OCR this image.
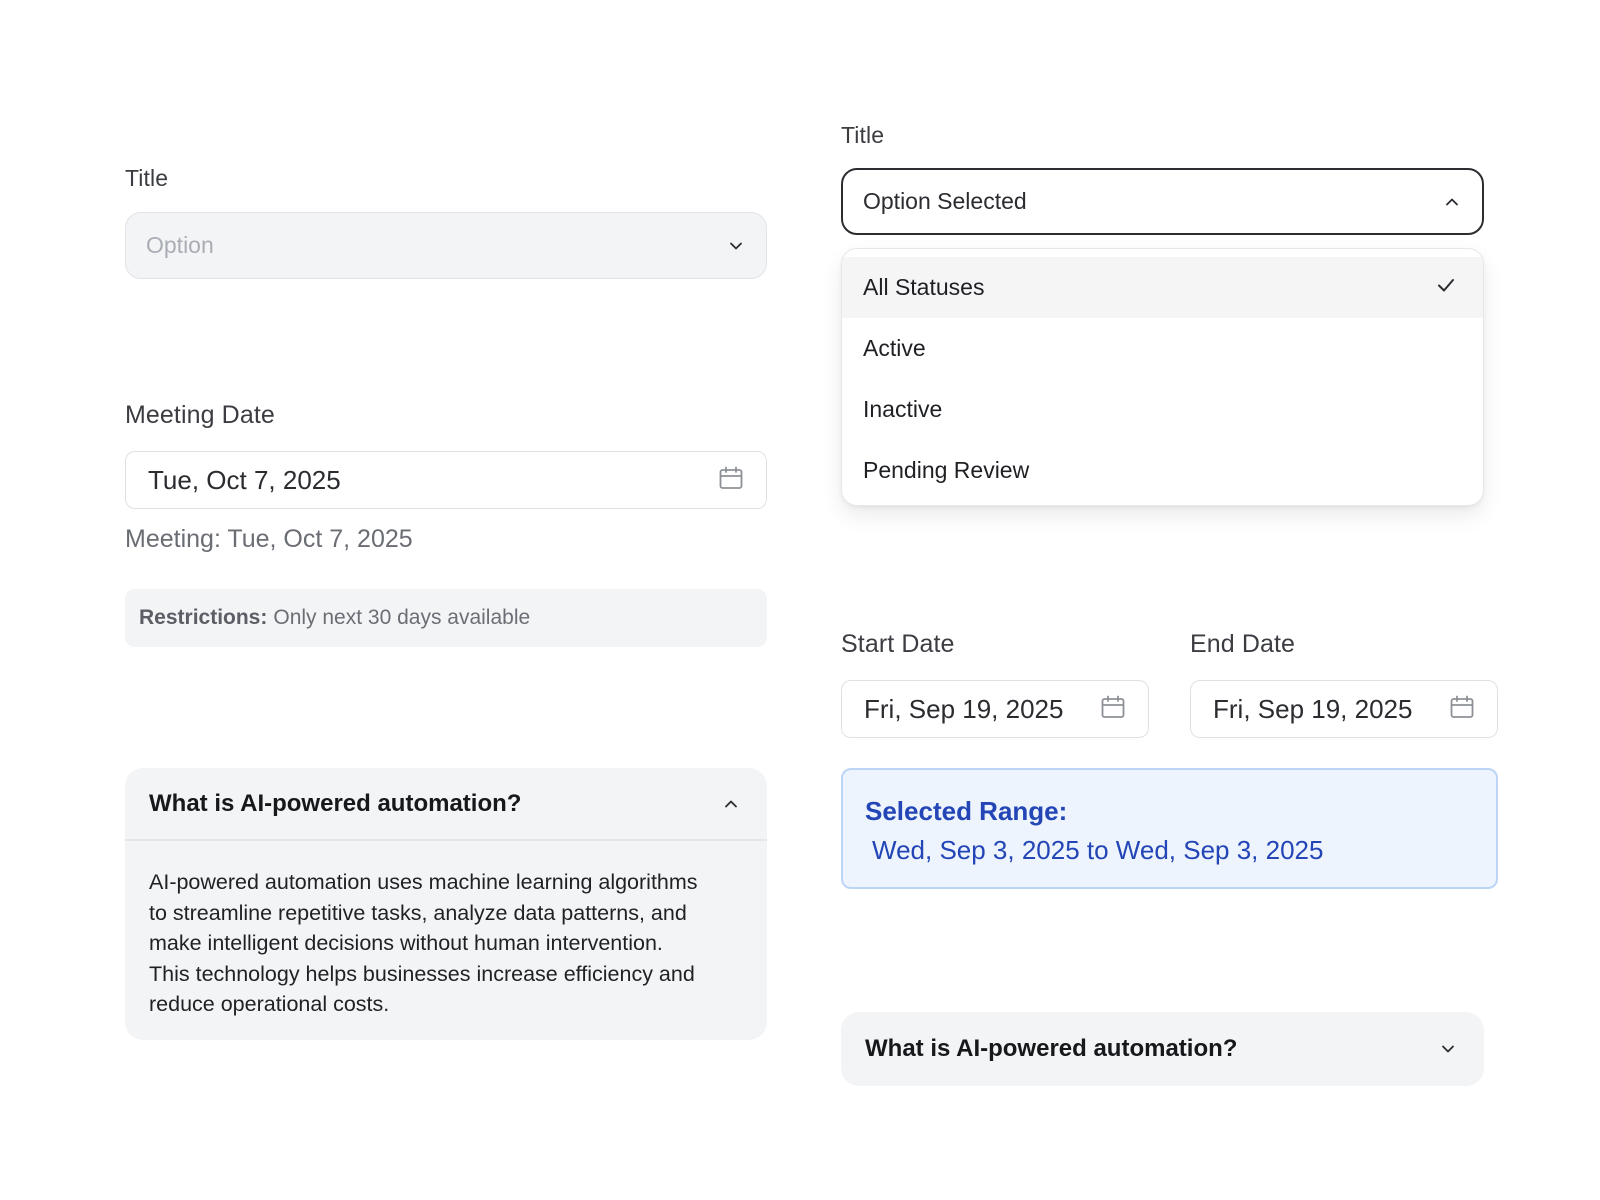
Title
Option
Title
Option Selected
All Statuses
Active
Inactive
Pending Review
Meeting Date
Tue, Oct 7, 2025
Meeting: Tue, Oct 7, 2025
Restrictions: Only next 30 days available
Start Date
Fri, Sep 19, 2025
End Date
Fri, Sep 19, 2025
Selected Range:
Wed, Sep 3, 2025 to Wed, Sep 3, 2025
What is AI-powered automation?
AI-powered automation uses machine learning algorithms
to streamline repetitive tasks, analyze data patterns, and
make intelligent decisions without human intervention.
This technology helps businesses increase efficiency and
reduce operational costs.
What is AI-powered automation?
